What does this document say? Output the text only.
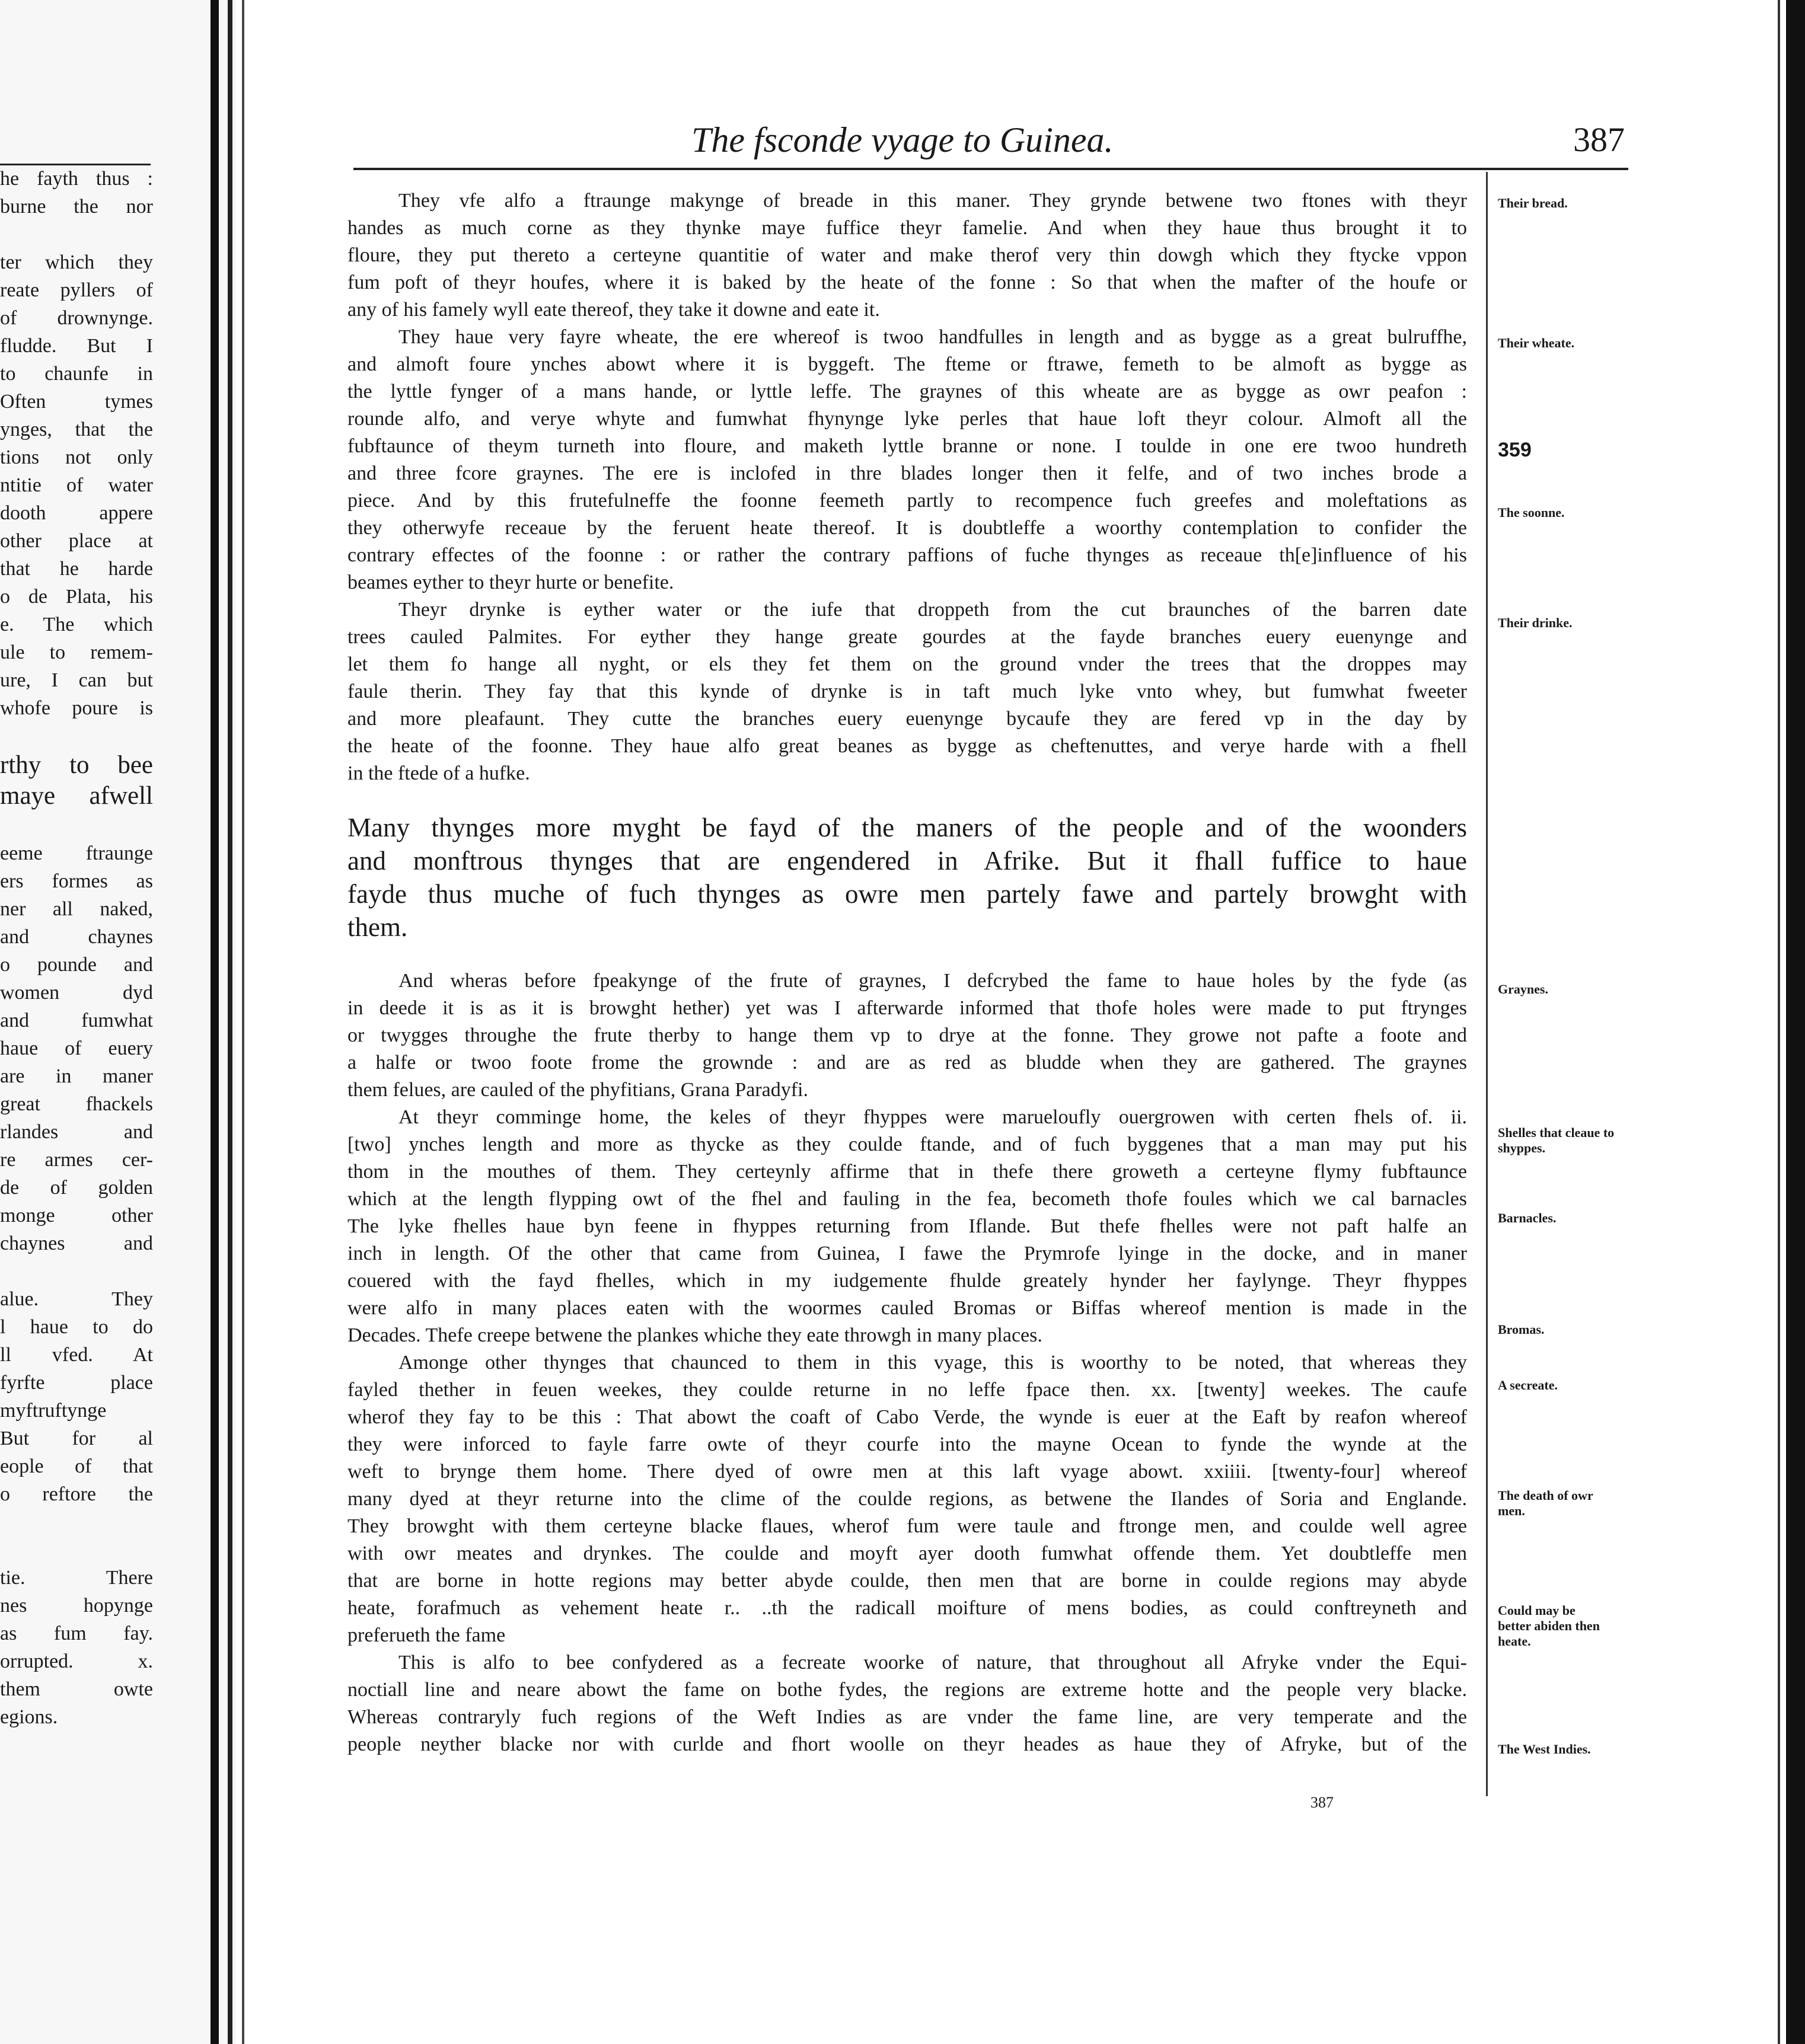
he fayth thus :
burne the nor
ter which they
reate pyllers of
of drownynge.
fludde. But I
to chaunfe in
Often tymes
ynges, that the
tions not only
ntitie of water
dooth appere
other place at
that he harde
o de Plata, his
e. The which
ule to remem-
ure, I can but
whofe poure is
rthy to bee
maye afwell
eeme ftraunge
ers formes as
ner all naked,
and chaynes
o pounde and
women dyd
and fumwhat
haue of euery
are in maner
great fhackels
rlandes and
re armes cer-
de of golden
monge other
chaynes and
alue. They
l haue to do
ll vfed. At
fyrfte place
myftruftynge
But for al
eople of that
o reftore the
tie. There
nes hopynge
as fum fay.
orrupted. x.
them owte
egions.
The fsconde vyage to Guinea.	387
They vfe alfo a ftraunge makynge of breade in this maner. They grynde betwene two ftones with theyr
handes as much corne as they thynke maye fuffice theyr famelie. And when they haue thus brought it to
floure, they put thereto a certeyne quantitie of water and make therof very thin dowgh which they ftycke vppon
fum poft of theyr houfes, where it is baked by the heate of the fonne : So that when the mafter of the houfe or
any of his famely wyll eate thereof, they take it downe and eate it.
They haue very fayre wheate, the ere whereof is twoo handfulles in length and as bygge as a great bulruffhe,
and almoft foure ynches abowt where it is byggeft. The fteme or ftrawe, femeth to be almoft as bygge as
the lyttle fynger of a mans hande, or lyttle leffe. The graynes of this wheate are as bygge as owr peafon :
rounde alfo, and verye whyte and fumwhat fhynynge lyke perles that haue loft theyr colour. Almoft all the
fubftaunce of theym turneth into floure, and maketh lyttle branne or none. I toulde in one ere twoo hundreth
and three fcore graynes. The ere is inclofed in thre blades longer then it felfe, and of two inches brode a
piece. And by this frutefulneffe the foonne feemeth partly to recompence fuch greefes and moleftations as
they otherwyfe receaue by the feruent heate thereof. It is doubtleffe a woorthy contemplation to confider the
contrary effectes of the foonne : or rather the contrary paffions of fuche thynges as receaue th[e]influence of his
beames eyther to theyr hurte or benefite.
Theyr drynke is eyther water or the iufe that droppeth from the cut braunches of the barren date
trees cauled Palmites. For eyther they hange greate gourdes at the fayde branches euery euenynge and
let them fo hange all nyght, or els they fet them on the ground vnder the trees that the droppes may
faule therin. They fay that this kynde of drynke is in taft much lyke vnto whey, but fumwhat fweeter
and more pleafaunt. They cutte the branches euery euenynge bycaufe they are fered vp in the day by
the heate of the foonne. They haue alfo great beanes as bygge as cheftenuttes, and verye harde with a fhell
in the ftede of a hufke.
Many thynges more myght be fayd of the maners of the people and of the woonders
and monftrous thynges that are engendered in Afrike. But it fhall fuffice to haue
fayde thus muche of fuch thynges as owre men partely fawe and partely browght with
them.
And wheras before fpeakynge of the frute of graynes, I defcrybed the fame to haue holes by the fyde (as
in deede it is as it is browght hether) yet was I afterwarde informed that thofe holes were made to put ftrynges
or twygges throughe the frute therby to hange them vp to drye at the fonne. They growe not pafte a foote and
a halfe or twoo foote frome the grownde : and are as red as bludde when they are gathered. The graynes
them felues, are cauled of the phyfitians, Grana Paradyfi.
At theyr comminge home, the keles of theyr fhyppes were marueloufly ouergrowen with certen fhels of. ii.
[two] ynches length and more as thycke as they coulde ftande, and of fuch byggenes that a man may put his
thom in the mouthes of them. They certeynly affirme that in thefe there groweth a certeyne flymy fubftaunce
which at the length flypping owt of the fhel and fauling in the fea, becometh thofe foules which we cal barnacles
The lyke fhelles haue byn feene in fhyppes returning from Iflande. But thefe fhelles were not paft halfe an
inch in length. Of the other that came from Guinea, I fawe the Prymrofe lyinge in the docke, and in maner
couered with the fayd fhelles, which in my iudgemente fhulde greately hynder her faylynge. Theyr fhyppes
were alfo in many places eaten with the woormes cauled Bromas or Biffas whereof mention is made in the
Decades. Thefe creepe betwene the plankes whiche they eate throwgh in many places.
Amonge other thynges that chaunced to them in this vyage, this is woorthy to be noted, that whereas they
fayled thether in feuen weekes, they coulde returne in no leffe fpace then. xx. [twenty] weekes. The caufe
wherof they fay to be this : That abowt the coaft of Cabo Verde, the wynde is euer at the Eaft by reafon whereof
they were inforced to fayle farre owte of theyr courfe into the mayne Ocean to fynde the wynde at the
weft to brynge them home. There dyed of owre men at this laft vyage abowt. xxiiii. [twenty-four] whereof
many dyed at theyr returne into the clime of the coulde regions, as betwene the Ilandes of Soria and Englande.
They browght with them certeyne blacke flaues, wherof fum were taule and ftronge men, and coulde well agree
with owr meates and drynkes. The coulde and moyft ayer dooth fumwhat offende them. Yet doubtleffe men
that are borne in hotte regions may better abyde coulde, then men that are borne in coulde regions may abyde
heate, forafmuch as vehement heate r.. ..th the radicall moifture of mens bodies, as could conftreyneth and
preferueth the fame
This is alfo to bee confydered as a fecreate woorke of nature, that throughout all Afryke vnder the Equi-
noctiall line and neare abowt the fame on bothe fydes, the regions are extreme hotte and the people very blacke.
Whereas contraryly fuch regions of the Weft Indies as are vnder the fame line, are very temperate and the
people neyther blacke nor with curlde and fhort woolle on theyr heades as haue they of Afryke, but of the
Their bread.
Their wheate.
359
The soonne.
Their drinke.
Graynes.
Shelles that cleaue to shyppes.
Barnacles.
Bromas.
A secreate.
The death of owr men.
Could may be better abiden then heate.
The West Indies.
387
